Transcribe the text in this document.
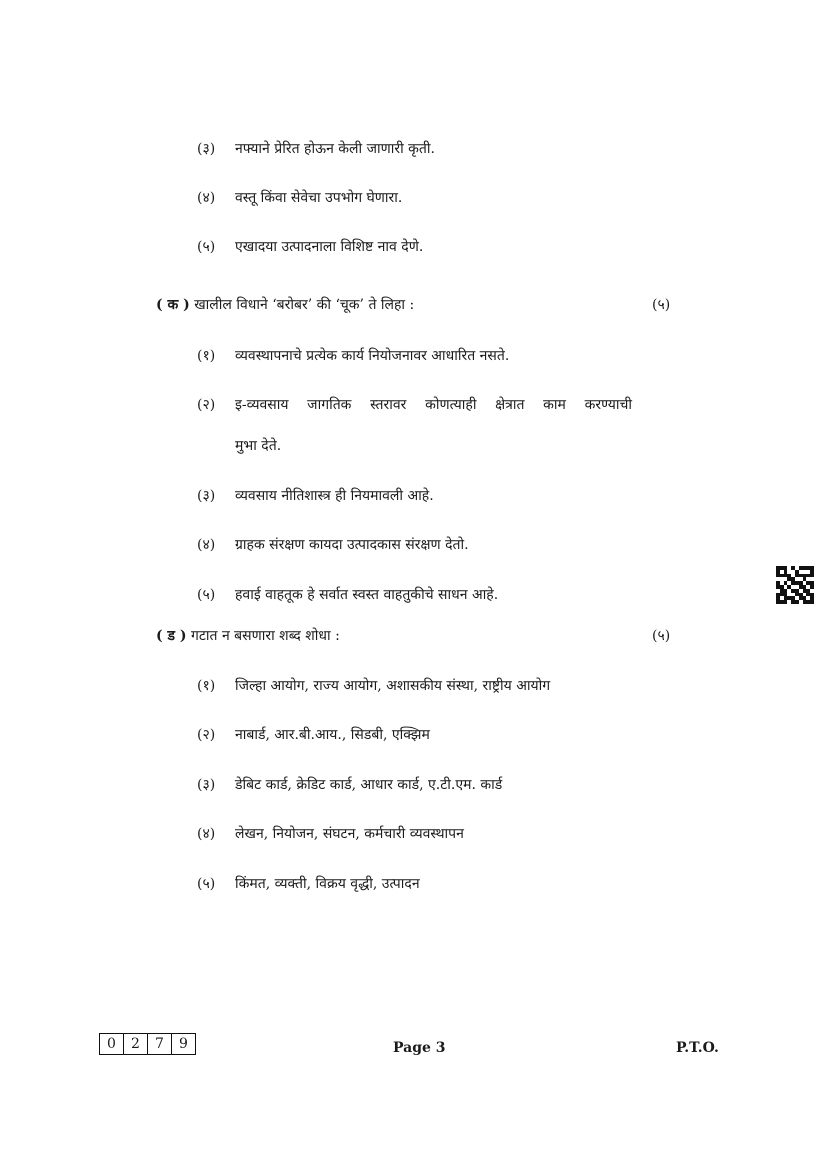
(३) नफ्याने प्रेरित होऊन केली जाणारी कृती.
(४) वस्तू किंवा सेवेचा उपभोग घेणारा.
(५) एखादया उत्पादनाला विशिष्ट नाव देणे.
( क ) खालील विधाने ‘बरोबर’ की ‘चूक’ ते लिहा :	(५)
(१) व्यवस्थापनाचे प्रत्येक कार्य नियोजनावर आधारित नसते.
(२) इ-व्यवसाय जागतिक स्तरावर कोणत्याही क्षेत्रात काम करण्याची
मुभा देते.
(३) व्यवसाय नीतिशास्त्र ही नियमावली आहे.
(४) ग्राहक संरक्षण कायदा उत्पादकास संरक्षण देतो.
(५) हवाई वाहतूक हे सर्वात स्वस्त वाहतुकीचे साधन आहे.
( ड ) गटात न बसणारा शब्द शोधा :	(५)
(१) जिल्हा आयोग, राज्य आयोग, अशासकीय संस्था, राष्ट्रीय आयोग
(२) नाबार्ड, आर.बी.आय., सिडबी, एक्झिम
(३) डेबिट कार्ड, क्रेडिट कार्ड, आधार कार्ड, ए.टी.एम. कार्ड
(४) लेखन, नियोजन, संघटन, कर्मचारी व्यवस्थापन
(५) किंमत, व्यक्ती, विक्रय वृद्धी, उत्पादन
0	2	7	9	Page 3	P.T.O.
